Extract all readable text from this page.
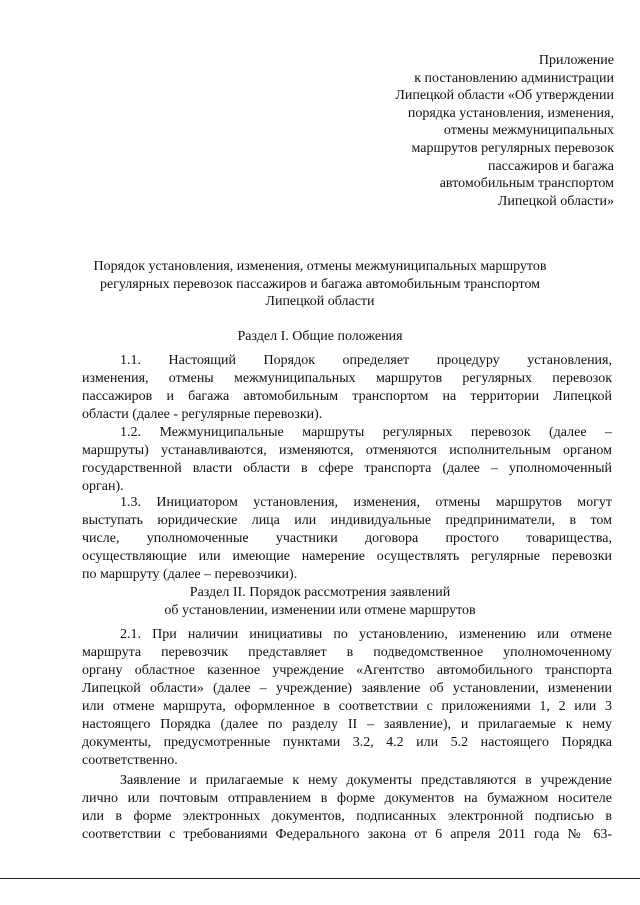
Приложение
к постановлению администрации
Липецкой области «Об утверждении
порядка установления, изменения,
отмены межмуниципальных
маршрутов регулярных перевозок
пассажиров и багажа
автомобильным транспортом
Липецкой области»
Порядок установления, изменения, отмены межмуниципальных маршрутов
регулярных перевозок пассажиров и багажа автомобильным транспортом
Липецкой области
Раздел I. Общие положения
1.1. Настоящий Порядок определяет процедуру установления,
изменения, отмены межмуниципальных маршрутов регулярных перевозок
пассажиров и багажа автомобильным транспортом на территории Липецкой
области (далее - регулярные перевозки).
1.2. Межмуниципальные маршруты регулярных перевозок (далее –
маршруты) устанавливаются, изменяются, отменяются исполнительным органом
государственной власти области в сфере транспорта (далее – уполномоченный
орган).
1.3. Инициатором установления, изменения, отмены маршрутов могут
выступать юридические лица или индивидуальные предприниматели, в том
числе, уполномоченные участники договора простого товарищества,
осуществляющие или имеющие намерение осуществлять регулярные перевозки
по маршруту (далее – перевозчики).
Раздел II. Порядок рассмотрения заявлений
об установлении, изменении или отмене маршрутов
2.1. При наличии инициативы по установлению, изменению или отмене
маршрута перевозчик представляет в подведомственное уполномоченному
органу областное казенное учреждение «Агентство автомобильного транспорта
Липецкой области» (далее – учреждение) заявление об установлении, изменении
или отмене маршрута, оформленное в соответствии с приложениями 1, 2 или 3
настоящего Порядка (далее по разделу II – заявление), и прилагаемые к нему
документы, предусмотренные пунктами 3.2, 4.2 или 5.2 настоящего Порядка
соответственно.
Заявление и прилагаемые к нему документы представляются в учреждение
лично или почтовым отправлением в форме документов на бумажном носителе
или в форме электронных документов, подписанных электронной подписью в
соответствии с требованиями Федерального закона от 6 апреля 2011 года № 63-
